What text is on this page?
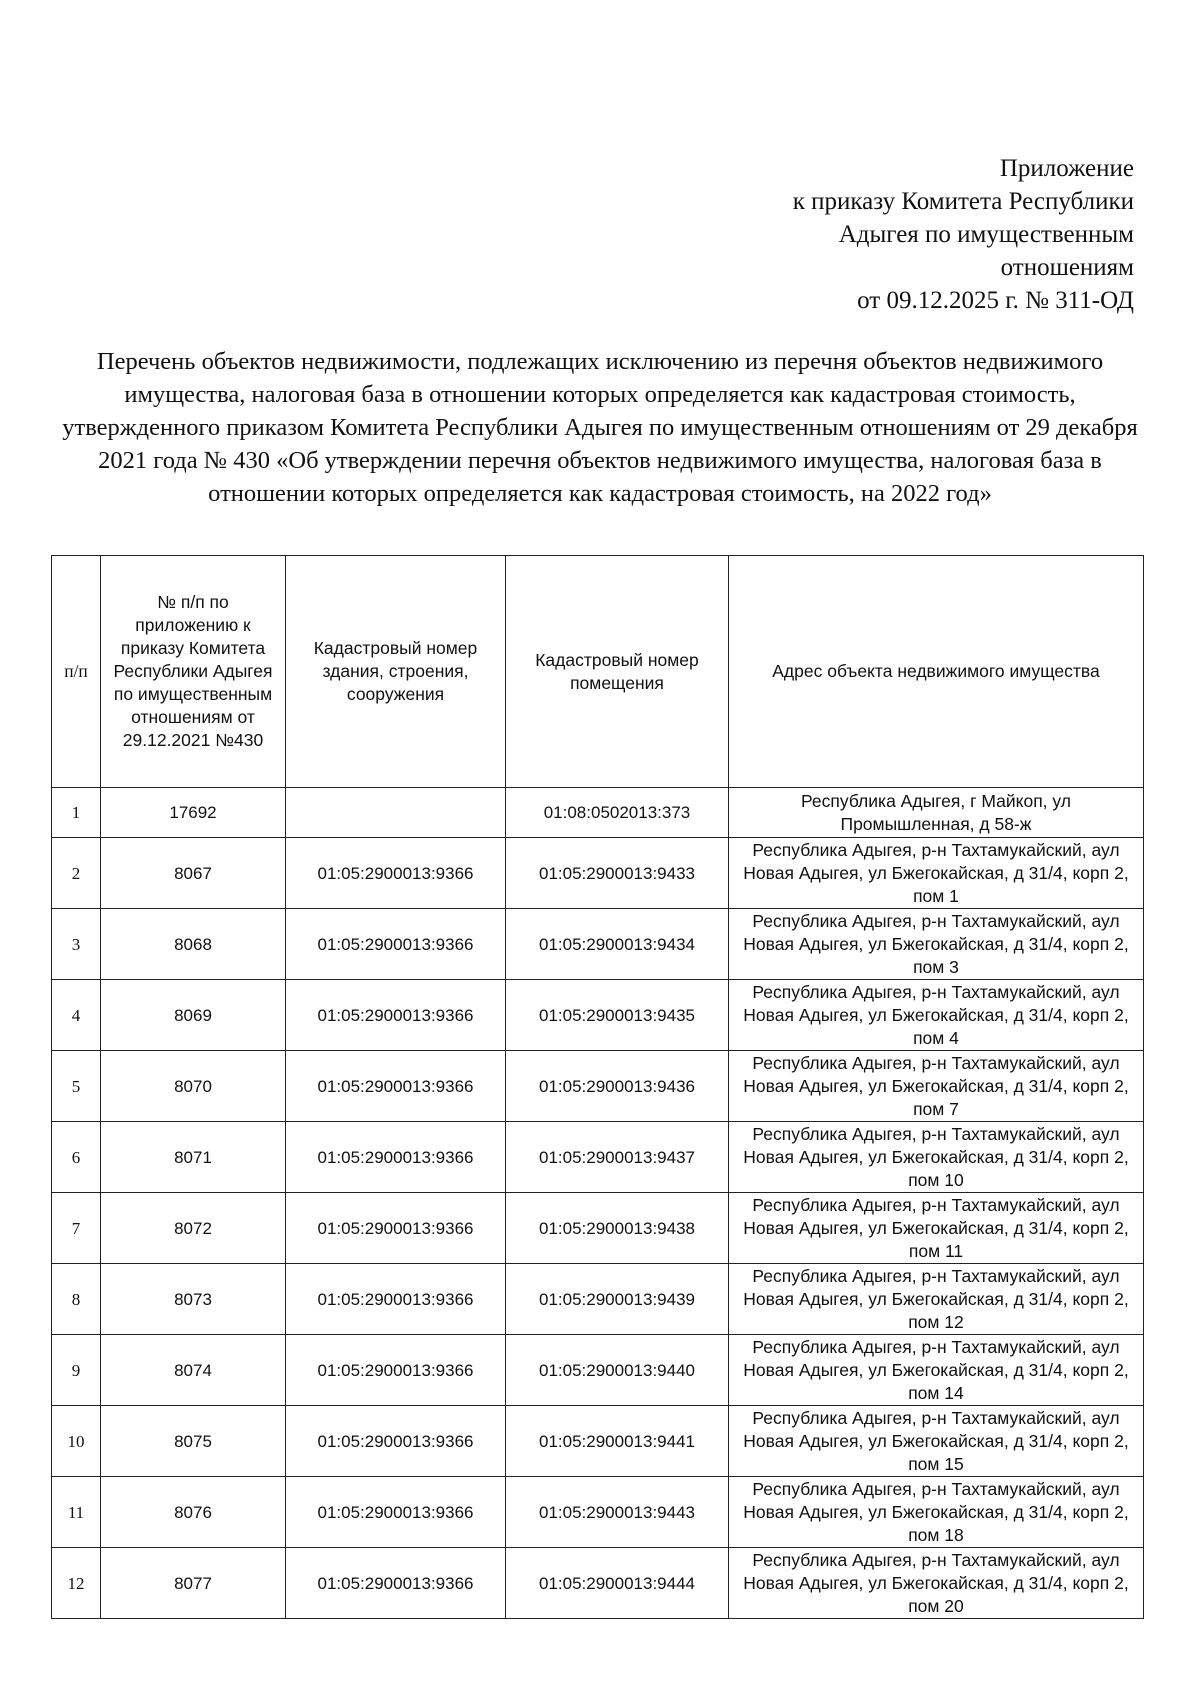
Приложение
к приказу Комитета Республики
Адыгея по имущественным
отношениям
от 09.12.2025 г. № 311-ОД
Перечень объектов недвижимости, подлежащих исключению из перечня объектов недвижимого имущества, налоговая база в отношении которых определяется как кадастровая стоимость, утвержденного приказом Комитета Республики Адыгея по имущественным отношениям от 29 декабря 2021 года № 430 «Об утверждении перечня объектов недвижимого имущества, налоговая база в отношении которых определяется как кадастровая стоимость, на 2022 год»
п/п	№ п/п по приложению к приказу Комитета Республики Адыгея по имущественным отношениям от 29.12.2021 №430	Кадастровый номер здания, строения, сооружения	Кадастровый номер помещения	Адрес объекта недвижимого имущества
1	17692		01:08:0502013:373	Республика Адыгея, г Майкоп, ул Промышленная, д 58-ж
2	8067	01:05:2900013:9366	01:05:2900013:9433	Республика Адыгея, р-н Тахтамукайский, аул Новая Адыгея, ул Бжегокайская, д 31/4, корп 2, пом 1
3	8068	01:05:2900013:9366	01:05:2900013:9434	Республика Адыгея, р-н Тахтамукайский, аул Новая Адыгея, ул Бжегокайская, д 31/4, корп 2, пом 3
4	8069	01:05:2900013:9366	01:05:2900013:9435	Республика Адыгея, р-н Тахтамукайский, аул Новая Адыгея, ул Бжегокайская, д 31/4, корп 2, пом 4
5	8070	01:05:2900013:9366	01:05:2900013:9436	Республика Адыгея, р-н Тахтамукайский, аул Новая Адыгея, ул Бжегокайская, д 31/4, корп 2, пом 7
6	8071	01:05:2900013:9366	01:05:2900013:9437	Республика Адыгея, р-н Тахтамукайский, аул Новая Адыгея, ул Бжегокайская, д 31/4, корп 2, пом 10
7	8072	01:05:2900013:9366	01:05:2900013:9438	Республика Адыгея, р-н Тахтамукайский, аул Новая Адыгея, ул Бжегокайская, д 31/4, корп 2, пом 11
8	8073	01:05:2900013:9366	01:05:2900013:9439	Республика Адыгея, р-н Тахтамукайский, аул Новая Адыгея, ул Бжегокайская, д 31/4, корп 2, пом 12
9	8074	01:05:2900013:9366	01:05:2900013:9440	Республика Адыгея, р-н Тахтамукайский, аул Новая Адыгея, ул Бжегокайская, д 31/4, корп 2, пом 14
10	8075	01:05:2900013:9366	01:05:2900013:9441	Республика Адыгея, р-н Тахтамукайский, аул Новая Адыгея, ул Бжегокайская, д 31/4, корп 2, пом 15
11	8076	01:05:2900013:9366	01:05:2900013:9443	Республика Адыгея, р-н Тахтамукайский, аул Новая Адыгея, ул Бжегокайская, д 31/4, корп 2, пом 18
12	8077	01:05:2900013:9366	01:05:2900013:9444	Республика Адыгея, р-н Тахтамукайский, аул Новая Адыгея, ул Бжегокайская, д 31/4, корп 2, пом 20
